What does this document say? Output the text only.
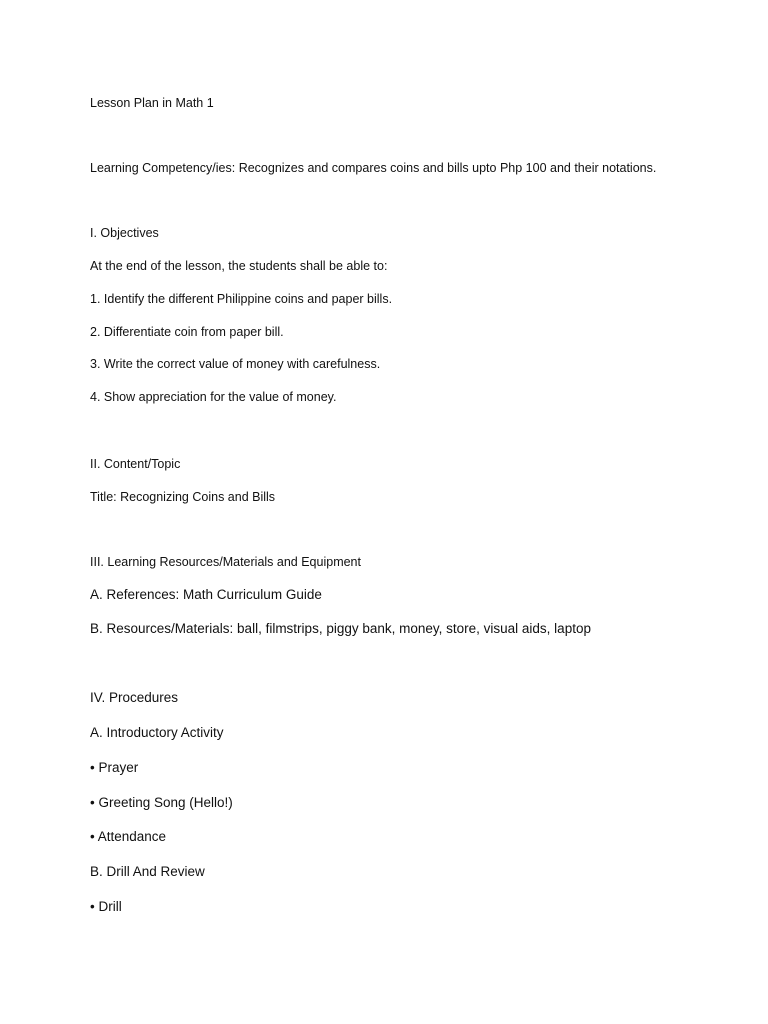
Lesson Plan in Math 1

Learning Competency/ies: Recognizes and compares coins and bills upto Php 100 and their notations.

I. Objectives

At the end of the lesson, the students shall be able to:

1. Identify the different Philippine coins and paper bills.

2. Differentiate coin from paper bill.

3. Write the correct value of money with carefulness.

4. Show appreciation for the value of money.

II. Content/Topic

Title: Recognizing Coins and Bills

III. Learning Resources/Materials and Equipment

A. References: Math Curriculum Guide

B. Resources/Materials: ball, filmstrips, piggy bank, money, store, visual aids, laptop

IV. Procedures

A. Introductory Activity

• Prayer

• Greeting Song (Hello!)

• Attendance

B. Drill And Review

• Drill
